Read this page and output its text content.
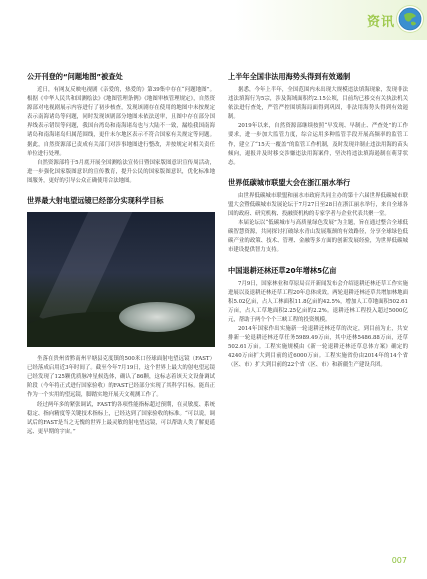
资讯
公开刊登的“问题地图”被查处

近日，有网友反映电视剧《亲爱的，热爱的》第39集中存在“问题地图”。根据《中华人民共和国测绘法》《地图管理条例》《地图审核管理规定》，自然资源部对电视剧展示内容进行了初步核查，发现该剧存在使用的地图中未按规定表示南海诸岛等问题，同时发现该剧部分地图未依法送审，且图中存在部分国界线表示错误等问题，我国台湾岛和南海诸岛也与大陆不一致，漏绘我国南海诸岛和南海诸岛归属范围线，更什未尔地区表示不符合国家有关规定等问题。据此，自然资源部已责成有关部门对涉事地图进行整改，并按规定对相关责任单位进行处理。

自然资源部将于5月底开展全国测绘法宣传日暨国家版图意识宣传周活动，进一步强化国家版图意识的宣传教育，提升公民的国家版图意识，优化标准地图服务，更好的引导公众正确使用合法地图。

世界最大射电望远镜已经部分实现科学目标

坐落在贵州省黔南州平塘县克度镇的500米口径球面射电望远镜（FAST）已经落成启用近3年时间了。截至今年7月19日，这个世界上最大的射电望远镜已经发现了125颗优质脉冲星候选体，确认了86颗，这标志着该天文设备调试阶段（今年将正式进行国家验收）的FAST已经部分实现了其科学目标。能真正作为一个实用的望远镜，脚踏实地开展天文观测工作了。

经过两年多的紧张调试，FAST的各项性能指标超过预期，在灵敏度、系统稳定、指向精度等关键技术指标上，已经达到了国家验收的标准。“可以说，调试后的FAST是当之无愧的世界上最灵敏的射电望远镜，可以帮助人类了解更遥远、更早期的宇宙。”

上半年全国非法用海势头得到有效遏制

据悉，今年上半年，全国范围内未出现大规模违法填海现象，发现非法违法填海行为5宗，涉及海域面积约2.15公顷，目前均已移交有关执法机关依法进行查处，严管严控围填海局面得到巩固，非法用海势头得到有效遏制。

2019年以来，自然资源部继续按照“早发现、早制止、严查处”的工作要求，进一步加大监管力度，综合运用多种监管手段开展高频率的监管工作，建立了“15天一覆盖”的监管工作机制，及时发现并制止违法用海的苗头倾向，遏报并及时移交涉嫌违法用海案件，坚决将违法填海遏制在萌芽状态。

世界低碳城市联盟大会在浙江丽水举行

由世界低碳城市联盟和丽水市政府共同主办的第十六届世界低碳城市联盟大会暨低碳城市发展论坛于7月27日至28日在浙江丽水举行，来自全球各国的政府、研究机构、投融资机构的专家学者与企业代表共聚一堂。

本届论坛以“低碳城市与高质量绿色发展”为主题，旨在通过整合全球低碳智慧资源，共同探讨打破绿水青山发展瓶颈的有效路径，分享全球绿色低碳产业的政策、技术、管理、金融等多方面的创新发展经验，为世界低碳城市建设提供智力支持。

中国退耕还林还草20年增林5亿亩

7月9日，国家林业和草原局召开新闻发布会介绍退耕还林还草工作实施进展以及退耕还林还草工程20年总体成效。两轮退耕还林还草共增加林地面积5.02亿亩，占人工林面积11.8亿亩的42.5%，增加人工草地面积502.61万亩，占人工草地面积2.25亿亩的2.2%。退耕还林工程投入超过5000亿元，帮助于两个个个三峡工程的投资规模。

2014年国家作出实施新一轮退耕还林还草的决定，到目前为止，共安排新一轮退耕还林还草任务5989.49万亩，其中还林5486.88万亩，还草502.61万亩。工程实施规模由《新一轮退耕还林还草总体方案》确定的4240万亩扩大到目前的近6000万亩。工程实施省份由2014年的14个省（区、市）扩大到目前的22个省（区、市）和新疆生产建设兵团。

007
